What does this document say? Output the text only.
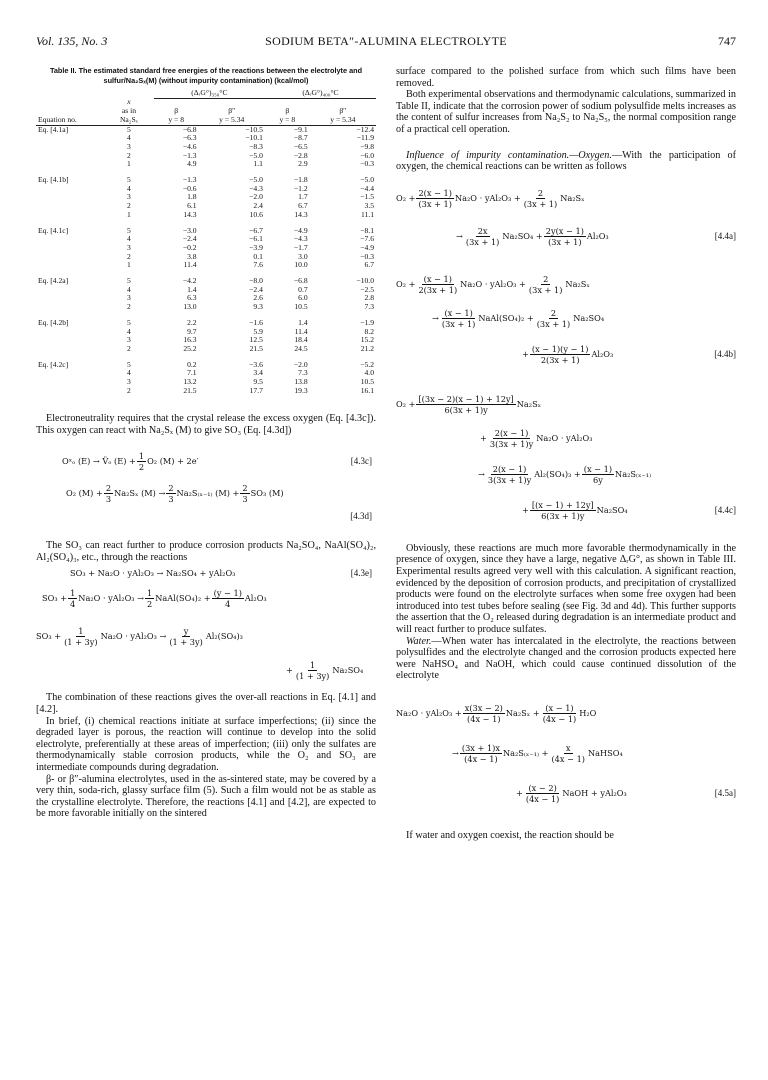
Vol. 135, No. 3	SODIUM BETA″-ALUMINA ELECTROLYTE	747
Table II. The estimated standard free energies of the reactions between the electrolyte and sulfur/Na₂Sₓ(M) (without impurity contamination) (kcal/mol)
		(ΔᵣG°)₃₅₀°C		(ΔᵣG°)₄₀₀°C	
	x				
	as in	β	β″	β	β″
Equation no.	Na₂Sₓ	y = 8	y = 5.34	y = 8	y = 5.34
Eq. [4.1a]	5	−6.8	−10.5	−9.1	−12.4
	4	−6.3	−10.1	−8.7	−11.9
	3	−4.6	−8.3	−6.5	−9.8
	2	−1.3	−5.0	−2.8	−6.0
	1	4.9	1.1	2.9	−0.3

Eq. [4.1b]	5	−1.3	−5.0	−1.8	−5.0
	4	−0.6	−4.3	−1.2	−4.4
	3	1.8	−2.0	1.7	−1.5
	2	6.1	2.4	6.7	3.5
	1	14.3	10.6	14.3	11.1

Eq. [4.1c]	5	−3.0	−6.7	−4.9	−8.1
	4	−2.4	−6.1	−4.3	−7.6
	3	−0.2	−3.9	−1.7	−4.9
	2	3.8	0.1	3.0	−0.3
	1	11.4	7.6	10.0	6.7

Eq. [4.2a]	5	−4.2	−8.0	−6.8	−10.0
	4	1.4	−2.4	0.7	−2.5
	3	6.3	2.6	6.0	2.8
	2	13.0	9.3	10.5	7.3

Eq. [4.2b]	5	2.2	−1.6	1.4	−1.9
	4	9.7	5.9	11.4	8.2
	3	16.3	12.5	18.4	15.2
	2	25.2	21.5	24.5	21.2

Eq. [4.2c]	5	0.2	−3.6	−2.0	−5.2
	4	7.1	3.4	7.3	4.0
	3	13.2	9.5	13.8	10.5
	2	21.5	17.7	19.3	16.1

Electroneutrality requires that the crystal release the excess oxygen (Eq. [4.3c]). This oxygen can react with Na₂Sₓ (M) to give SO₃ (Eq. [4.3d])

Oˣₒ (E) → V̈ₒ $(E) + \frac{1}{2} O_2$ (M) + 2e′	[4.3c]
O₂ $(M) + \frac{2}{3} Na_2S_x$ $(M) \to \frac{2}{3} Na_2S_{(x-1)}$ $(M) + \frac{2}{3} SO_3$ (M)
[4.3d]

The SO₃ can react further to produce corrosion products Na₂SO₄, NaAl(SO₄)₂, Al₂(SO₄)₃, etc., through the reactions

SO₃ + Na₂O · yAl₂O₃ → Na₂SO₄ + yAl₂O₃	[4.3e]
$SO_3 + \frac{1}{4} Na_2O \cdot yAl_2O_3 \to \frac{1}{2}$ NaAl(SO₄)₂ + $\frac{(y - 1)}{4} Al_2O_3$
$SO_3 + \frac{1}{(1 + 3y)} Na_2O \cdot yAl_2O_3 \to \frac{y}{(1 + 3y)} Al_2(SO_4)_3$
+ $\frac{1}{(1 + 3y)} Na_2SO_4$

The combination of these reactions gives the over-all reactions in Eq. [4.1] and [4.2].

In brief, (i) chemical reactions initiate at surface imperfections; (ii) since the degraded layer is porous, the reaction will continue to develop into the solid electrolyte, preferentially at these areas of imperfection; (iii) only the sulfates are thermodynamically stable corrosion products, while the O₂ and SO₃ are intermediate compounds during degradation.

β- or β″-alumina electrolytes, used in the as-sintered state, may be covered by a very thin, soda-rich, glassy surface film (5). Such a film would not be as stable as the crystalline electrolyte. Therefore, the reactions [4.1] and [4.2], are expected to be more favorable initially on the sintered

surface compared to the polished surface from which such films have been removed.

Both experimental observations and thermodynamic calculations, summarized in Table II, indicate that the corrosion power of sodium polysulfide melts increases as the content of sulfur increases from Na₂S₂ to Na₂S₅, the normal composition range of a practical cell operation.

Influence of impurity contamination.—Oxygen.—With the participation of oxygen, the chemical reactions can be written as follows

$O_2 + \frac{2(x - 1)}{(3x + 1)} Na_2O \cdot yAl_2O_3 + \frac{2}{(3x + 1)} Na_2S_x$
→ $\frac{2x}{(3x + 1)} Na_2SO_4 + \frac{2y(x - 1)}{(3x + 1)} Al_2O_3$	[4.4a]
$O_2 + \frac{(x - 1)}{2(3x + 1)} Na_2O \cdot yAl_2O_3 + \frac{2}{(3x + 1)} Na_2S_x$
→ $\frac{(x - 1)}{(3x + 1)}$ NaAl(SO₄)₂ + $\frac{2}{(3x + 1)} Na_2SO_4$
+ $\frac{(x - 1)(y - 1)}{2(3x + 1)} Al_2O_3$	[4.4b]
$O_2 + \frac{[(3x - 2)(x - 1) + 12y]}{6(3x + 1)y} Na_2S_x$
+ $\frac{2(x - 1)}{3(3x + 1)y} Na_2O \cdot yAl_2O_3$
→ $\frac{2(x - 1)}{3(3x + 1)y} Al_2(SO_4)_3 + \frac{(x - 1)}{6y} Na_2S_{(x-1)}$
+ $\frac{[(x - 1) + 12y]}{6(3x + 1)y} Na_2SO_4$	[4.4c]

Obviously, these reactions are much more favorable thermodynamically in the presence of oxygen, since they have a large, negative ΔᵣG°, as shown in Table III. Experimental results agreed very well with this calculation. A significant reaction, evidenced by the deposition of corrosion products, and precipitation of crystallized products were found on the electrolyte surfaces when some free oxygen had been introduced into test tubes before sealing (see Fig. 3d and 4d). This further supports the assertion that the O₂ released during degradation is an intermediate product and will react further to produce sulfates.

Water.—When water has intercalated in the electrolyte, the reactions between polysulfides and the electrolyte changed and the corrosion products expected here were NaHSO₄ and NaOH, which could cause continued dissolution of the electrolyte

$Na_2O \cdot yAl_2O_3 + \frac{x(3x - 2)}{(4x - 1)} Na_2S_x + \frac{(x - 1)}{(4x - 1)} H_2O$
→ $\frac{(3x + 1)x}{(4x - 1)} Na_2S_{(x-1)} + \frac{x}{(4x - 1)}$ NaHSO₄
+ $\frac{(x - 2)}{(4x - 1)}$ NaOH + yAl₂O₃	[4.5a]

If water and oxygen coexist, the reaction should be
